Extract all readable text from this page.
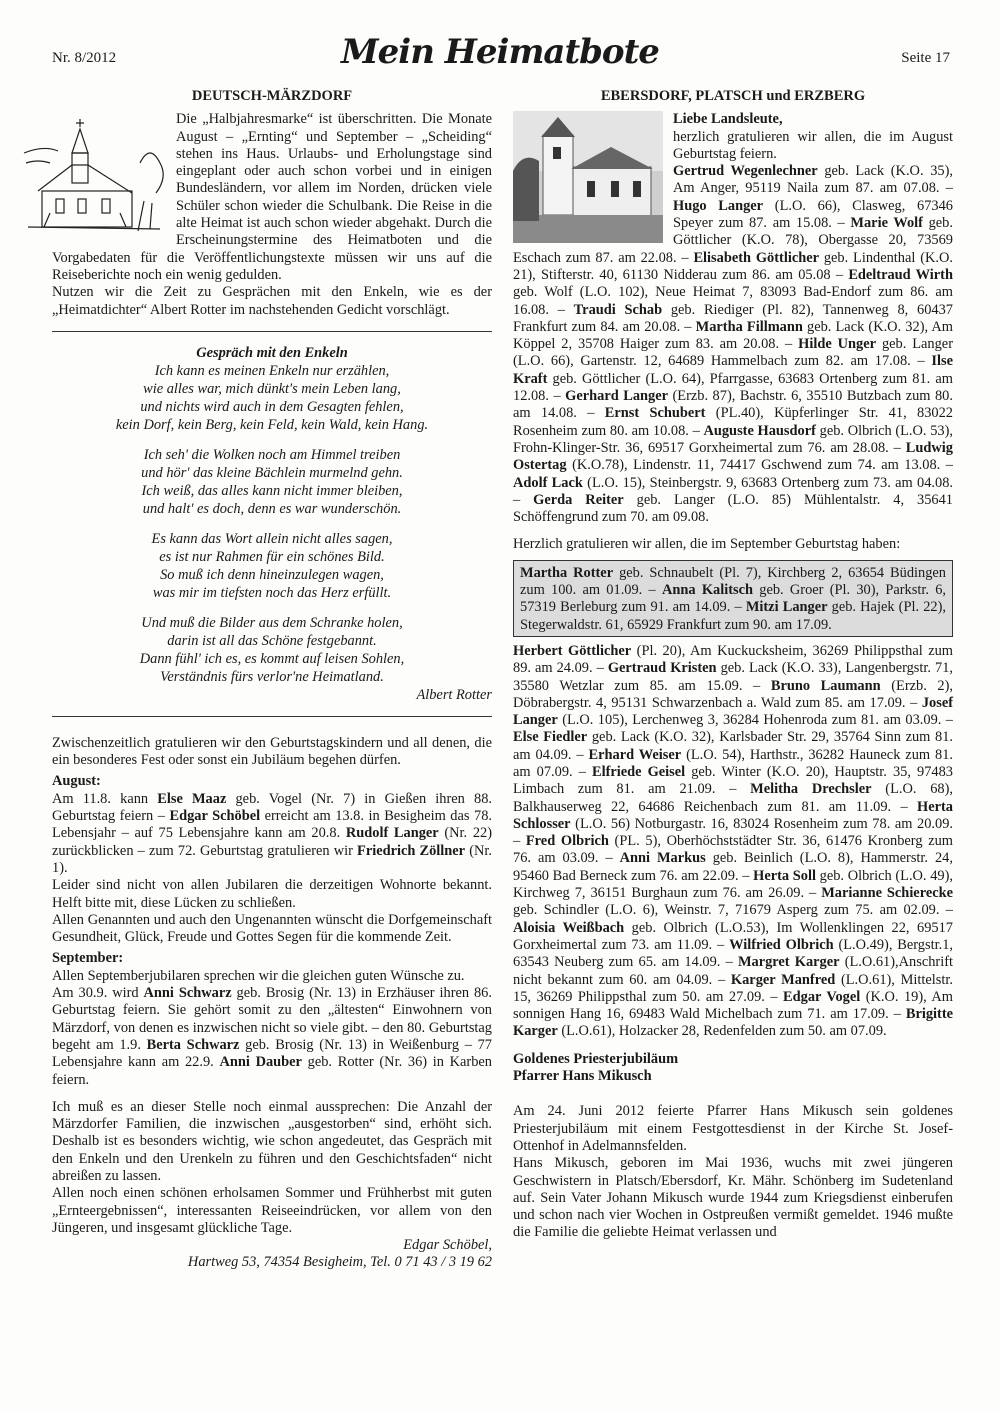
Nr. 8/2012	Mein Heimatbote	Seite 17

DEUTSCH-MÄRZDORF

Die „Halbjahresmarke“ ist überschritten. Die Monate August – „Ernting“ und September – „Scheiding“ stehen ins Haus. Urlaubs- und Erholungstage sind eingeplant oder auch schon vorbei und in einigen Bundesländern, vor allem im Norden, drücken viele Schüler schon wieder die Schulbank. Die Reise in die alte Heimat ist auch schon wieder abgehakt. Durch die Erscheinungstermine des Heimatboten und die Vorgabedaten für die Veröffentlichungstexte müssen wir uns auf die Reiseberichte noch ein wenig gedulden.

Nutzen wir die Zeit zu Gesprächen mit den Enkeln, wie es der „Heimatdichter“ Albert Rotter im nachstehenden Gedicht vorschlägt.

Gespräch mit den Enkeln
Ich kann es meinen Enkeln nur erzählen,
wie alles war, mich dünkt's mein Leben lang,
und nichts wird auch in dem Gesagten fehlen,
kein Dorf, kein Berg, kein Feld, kein Wald, kein Hang.
Ich seh' die Wolken noch am Himmel treiben
und hör' das kleine Bächlein murmelnd gehn.
Ich weiß, das alles kann nicht immer bleiben,
und halt' es doch, denn es war wunderschön.
Es kann das Wort allein nicht alles sagen,
es ist nur Rahmen für ein schönes Bild.
So muß ich denn hineinzulegen wagen,
was mir im tiefsten noch das Herz erfüllt.
Und muß die Bilder aus dem Schranke holen,
darin ist all das Schöne festgebannt.
Dann fühl' ich es, es kommt auf leisen Sohlen,
Verständnis fürs verlor'ne Heimatland.
Albert Rotter

Zwischenzeitlich gratulieren wir den Geburtstagskindern und all denen, die ein besonderes Fest oder sonst ein Jubiläum begehen dürfen.

August:

Am 11.8. kann Else Maaz geb. Vogel (Nr. 7) in Gießen ihren 88. Geburtstag feiern – Edgar Schöbel erreicht am 13.8. in Besigheim das 78. Lebensjahr – auf 75 Lebensjahre kann am 20.8. Rudolf Langer (Nr. 22) zurückblicken – zum 72. Geburtstag gratulieren wir Friedrich Zöllner (Nr. 1).

Leider sind nicht von allen Jubilaren die derzeitigen Wohnorte bekannt. Helft bitte mit, diese Lücken zu schließen.

Allen Genannten und auch den Ungenannten wünscht die Dorfgemeinschaft Gesundheit, Glück, Freude und Gottes Segen für die kommende Zeit.

September:

Allen Septemberjubilaren sprechen wir die gleichen guten Wünsche zu.

Am 30.9. wird Anni Schwarz geb. Brosig (Nr. 13) in Erzhäuser ihren 86. Geburtstag feiern. Sie gehört somit zu den „ältesten“ Einwohnern von Märzdorf, von denen es inzwischen nicht so viele gibt. – den 80. Geburtstag begeht am 1.9. Berta Schwarz geb. Brosig (Nr. 13) in Weißenburg – 77 Lebensjahre kann am 22.9. Anni Dauber geb. Rotter (Nr. 36) in Karben feiern.

Ich muß es an dieser Stelle noch einmal aussprechen: Die Anzahl der Märzdorfer Familien, die inzwischen „ausgestorben“ sind, erhöht sich. Deshalb ist es besonders wichtig, wie schon angedeutet, das Gespräch mit den Enkeln und den Urenkeln zu führen und den Geschichtsfaden“ nicht abreißen zu lassen.

Allen noch einen schönen erholsamen Sommer und Frühherbst mit guten „Ernteergebnissen“, interessanten Reiseeindrücken, vor allem von den Jüngeren, und insgesamt glückliche Tage.

Edgar Schöbel,

Hartweg 53, 74354 Besigheim, Tel. 0 71 43 / 3 19 62

EBERSDORF, PLATSCH und ERZBERG

Liebe Landsleute,

herzlich gratulieren wir allen, die im August Geburtstag feiern.

Gertrud Wegenlechner geb. Lack (K.O. 35), Am Anger, 95119 Naila zum 87. am 07.08. – Hugo Langer (L.O. 66), Clasweg, 67346 Speyer zum 87. am 15.08. – Marie Wolf geb. Göttlicher (K.O. 78), Obergasse 20, 73569 Eschach zum 87. am 22.08. – Elisabeth Göttlicher geb. Lindenthal (K.O. 21), Stifterstr. 40, 61130 Nidderau zum 86. am 05.08 – Edeltraud Wirth geb. Wolf (L.O. 102), Neue Heimat 7, 83093 Bad-Endorf zum 86. am 16.08. – Traudi Schab geb. Riediger (Pl. 82), Tannenweg 8, 60437 Frankfurt zum 84. am 20.08. – Martha Fillmann geb. Lack (K.O. 32), Am Köppel 2, 35708 Haiger zum 83. am 20.08. – Hilde Unger geb. Langer (L.O. 66), Gartenstr. 12, 64689 Hammelbach zum 82. am 17.08. – Ilse Kraft geb. Göttlicher (L.O. 64), Pfarrgasse, 63683 Ortenberg zum 81. am 12.08. – Gerhard Langer (Erzb. 87), Bachstr. 6, 35510 Butzbach zum 80. am 14.08. – Ernst Schubert (PL.40), Küpferlinger Str. 41, 83022 Rosenheim zum 80. am 10.08. – Auguste Hausdorf geb. Olbrich (L.O. 53), Frohn-Klinger-Str. 36, 69517 Gorxheimertal zum 76. am 28.08. – Ludwig Ostertag (K.O.78), Lindenstr. 11, 74417 Gschwend zum 74. am 13.08. – Adolf Lack (L.O. 15), Steinbergstr. 9, 63683 Ortenberg zum 73. am 04.08. – Gerda Reiter geb. Langer (L.O. 85) Mühlentalstr. 4, 35641 Schöffengrund zum 70. am 09.08.

Herzlich gratulieren wir allen, die im September Geburtstag haben:

Martha Rotter geb. Schnaubelt (Pl. 7), Kirchberg 2, 63654 Büdingen zum 100. am 01.09. – Anna Kalitsch geb. Groer (Pl. 30), Parkstr. 6, 57319 Berleburg zum 91. am 14.09. – Mitzi Langer geb. Hajek (Pl. 22), Stegerwaldstr. 61, 65929 Frankfurt zum 90. am 17.09.

Herbert Göttlicher (Pl. 20), Am Kuckucksheim, 36269 Philippsthal zum 89. am 24.09. – Gertraud Kristen geb. Lack (K.O. 33), Langenbergstr. 71, 35580 Wetzlar zum 85. am 15.09. – Bruno Laumann (Erzb. 2), Döbrabergstr. 4, 95131 Schwarzenbach a. Wald zum 85. am 17.09. – Josef Langer (L.O. 105), Lerchenweg 3, 36284 Hohenroda zum 81. am 03.09. – Else Fiedler geb. Lack (K.O. 32), Karlsbader Str. 29, 35764 Sinn zum 81. am 04.09. – Erhard Weiser (L.O. 54), Harthstr., 36282 Hauneck zum 81. am 07.09. – Elfriede Geisel geb. Winter (K.O. 20), Hauptstr. 35, 97483 Limbach zum 81. am 21.09. – Melitha Drechsler (L.O. 68), Balkhauserweg 22, 64686 Reichenbach zum 81. am 11.09. – Herta Schlosser (L.O. 56) Notburgastr. 16, 83024 Rosenheim zum 78. am 20.09. – Fred Olbrich (PL. 5), Oberhöchststädter Str. 36, 61476 Kronberg zum 76. am 03.09. – Anni Markus geb. Beinlich (L.O. 8), Hammerstr. 24, 95460 Bad Berneck zum 76. am 22.09. – Herta Soll geb. Olbrich (L.O. 49), Kirchweg 7, 36151 Burghaun zum 76. am 26.09. – Marianne Schierecke geb. Schindler (L.O. 6), Weinstr. 7, 71679 Asperg zum 75. am 02.09. – Aloisia Weißbach geb. Olbrich (L.O.53), Im Wollenklingen 22, 69517 Gorxheimertal zum 73. am 11.09. – Wilfried Olbrich (L.O.49), Bergstr.1, 63543 Neuberg zum 65. am 14.09. – Margret Karger (L.O.61),Anschrift nicht bekannt zum 60. am 04.09. – Karger Manfred (L.O.61), Mittelstr. 15, 36269 Philippsthal zum 50. am 27.09. – Edgar Vogel (K.O. 19), Am sonnigen Hang 16, 69483 Wald Michelbach zum 71. am 17.09. – Brigitte Karger (L.O.61), Holzacker 28, Redenfelden zum 50. am 07.09.

Goldenes Priesterjubiläum

Pfarrer Hans Mikusch

Am 24. Juni 2012 feierte Pfarrer Hans Mikusch sein goldenes Priesterjubiläum mit einem Festgottesdienst in der Kirche St. Josef-Ottenhof in Adelmannsfelden.

Hans Mikusch, geboren im Mai 1936, wuchs mit zwei jüngeren Geschwistern in Platsch/Ebersdorf, Kr. Mähr. Schönberg im Sudetenland auf. Sein Vater Johann Mikusch wurde 1944 zum Kriegsdienst einberufen und schon nach vier Wochen in Ostpreußen vermißt gemeldet. 1946 mußte die Familie die geliebte Heimat verlassen und
